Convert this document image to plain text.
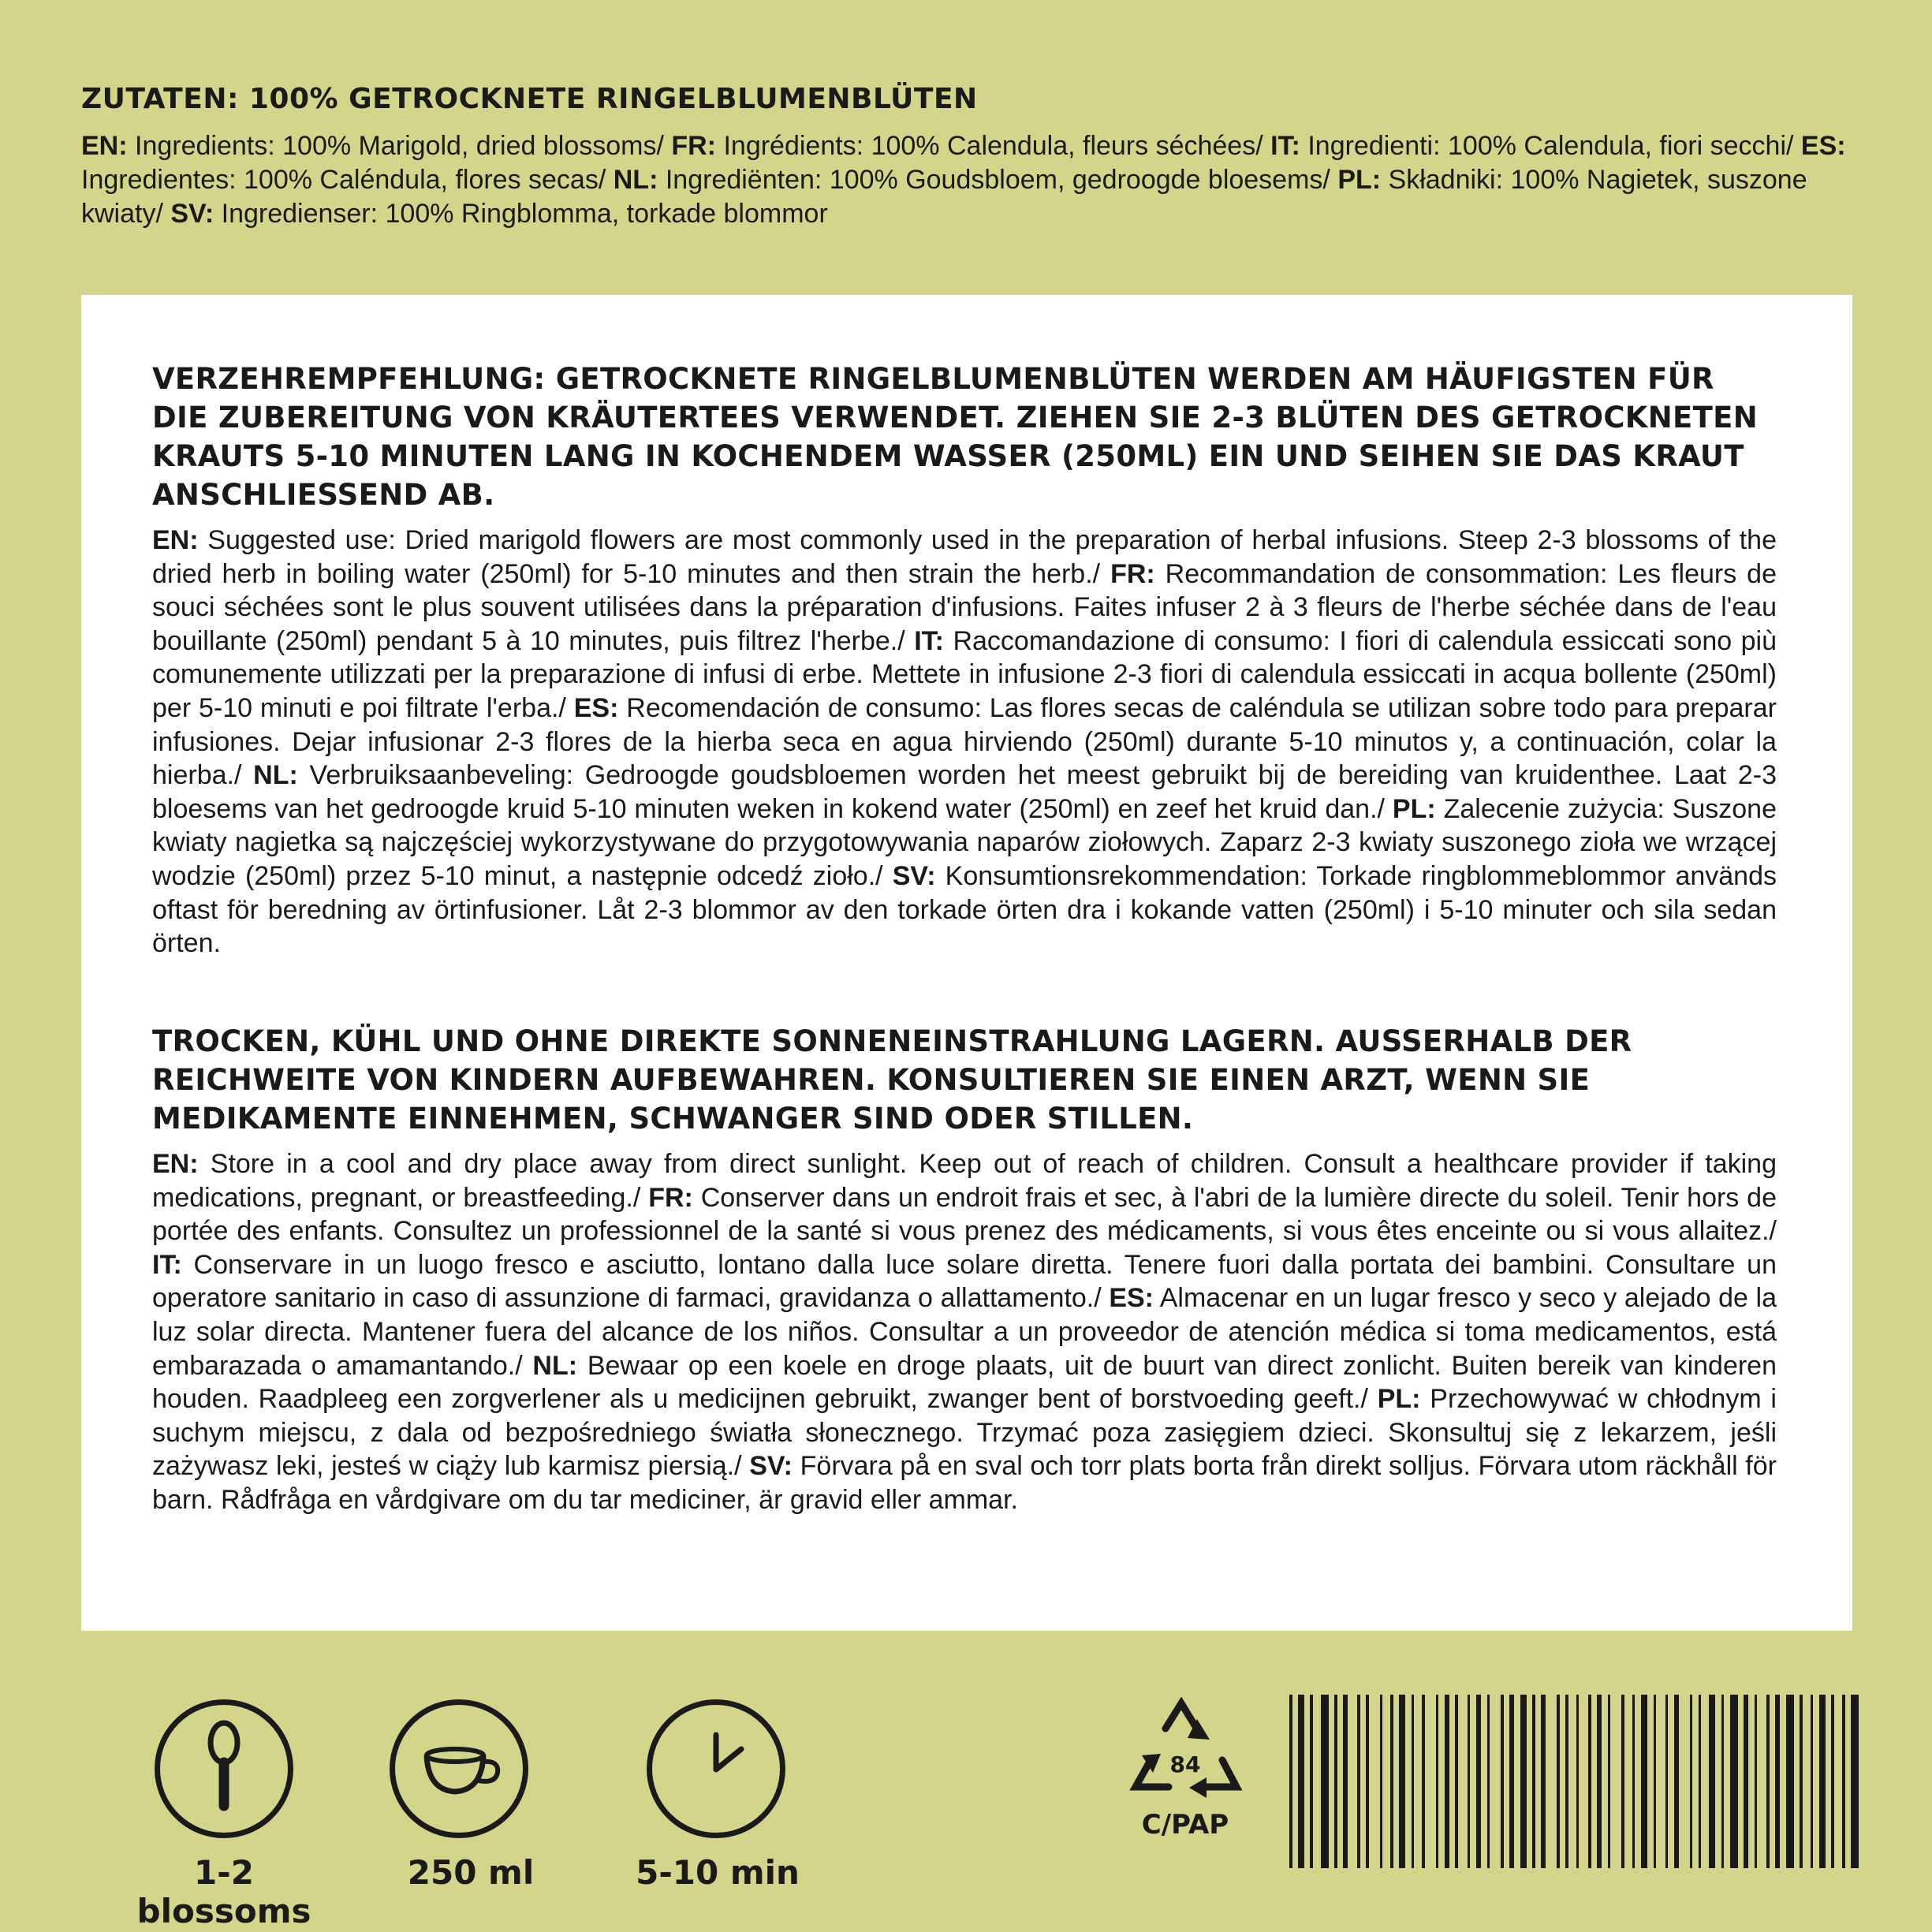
ZUTATEN: 100% GETROCKNETE RINGELBLUMENBLÜTEN

EN: Ingredients: 100% Marigold, dried blossoms/ FR: Ingrédients: 100% Calendula, fleurs séchées/ IT: Ingredienti: 100% Calendula, fiori secchi/ ES: Ingredientes: 100% Caléndula, flores secas/ NL: Ingrediënten: 100% Goudsbloem, gedroogde bloesems/ PL: Składniki: 100% Nagietek, suszone kwiaty/ SV: Ingredienser: 100% Ringblomma, torkade blommor

VERZEHREMPFEHLUNG: GETROCKNETE RINGELBLUMENBLÜTEN WERDEN AM HÄUFIGSTEN FÜR DIE ZUBEREITUNG VON KRÄUTERTEES VERWENDET. ZIEHEN SIE 2-3 BLÜTEN DES GETROCKNETEN KRAUTS 5-10 MINUTEN LANG IN KOCHENDEM WASSER (250ML) EIN UND SEIHEN SIE DAS KRAUT ANSCHLIESSEND AB.

EN: Suggested use: Dried marigold flowers are most commonly used in the preparation of herbal infusions. Steep 2-3 blossoms of the dried herb in boiling water (250ml) for 5-10 minutes and then strain the herb./ FR: Recommandation de consommation: Les fleurs de souci séchées sont le plus souvent utilisées dans la préparation d'infusions. Faites infuser 2 à 3 fleurs de l'herbe séchée dans de l'eau bouillante (250ml) pendant 5 à 10 minutes, puis filtrez l'herbe./ IT: Raccomandazione di consumo: I fiori di calendula essiccati sono più comunemente utilizzati per la preparazione di infusi di erbe. Mettete in infusione 2-3 fiori di calendula essiccati in acqua bollente (250ml) per 5-10 minuti e poi filtrate l'erba./ ES: Recomendación de consumo: Las flores secas de caléndula se utilizan sobre todo para preparar infusiones. Dejar infusionar 2-3 flores de la hierba seca en agua hirviendo (250ml) durante 5-10 minutos y, a continuación, colar la hierba./ NL: Verbruiksaanbeveling: Gedroogde goudsbloemen worden het meest gebruikt bij de bereiding van kruidenthee. Laat 2-3 bloesems van het gedroogde kruid 5-10 minuten weken in kokend water (250ml) en zeef het kruid dan./ PL: Zalecenie zużycia: Suszone kwiaty nagietka są najczęściej wykorzystywane do przygotowywania naparów ziołowych. Zaparz 2-3 kwiaty suszonego zioła we wrzącej wodzie (250ml) przez 5-10 minut, a następnie odcedź zioło./ SV: Konsumtionsrekommendation: Torkade ringblommeblommor används oftast för beredning av örtinfusioner. Låt 2-3 blommor av den torkade örten dra i kokande vatten (250ml) i 5-10 minuter och sila sedan örten.

TROCKEN, KÜHL UND OHNE DIREKTE SONNENEINSTRAHLUNG LAGERN. AUSSERHALB DER REICHWEITE VON KINDERN AUFBEWAHREN. KONSULTIEREN SIE EINEN ARZT, WENN SIE MEDIKAMENTE EINNEHMEN, SCHWANGER SIND ODER STILLEN.

EN: Store in a cool and dry place away from direct sunlight. Keep out of reach of children. Consult a healthcare provider if taking medications, pregnant, or breastfeeding./ FR: Conserver dans un endroit frais et sec, à l'abri de la lumière directe du soleil. Tenir hors de portée des enfants. Consultez un professionnel de la santé si vous prenez des médicaments, si vous êtes enceinte ou si vous allaitez./ IT: Conservare in un luogo fresco e asciutto, lontano dalla luce solare diretta. Tenere fuori dalla portata dei bambini. Consultare un operatore sanitario in caso di assunzione di farmaci, gravidanza o allattamento./ ES: Almacenar en un lugar fresco y seco y alejado de la luz solar directa. Mantener fuera del alcance de los niños. Consultar a un proveedor de atención médica si toma medicamentos, está embarazada o amamantando./ NL: Bewaar op een koele en droge plaats, uit de buurt van direct zonlicht. Buiten bereik van kinderen houden. Raadpleeg een zorgverlener als u medicijnen gebruikt, zwanger bent of borstvoeding geeft./ PL: Przechowywać w chłodnym i suchym miejscu, z dala od bezpośredniego światła słonecznego. Trzymać poza zasięgiem dzieci. Skonsultuj się z lekarzem, jeśli zażywasz leki, jesteś w ciąży lub karmisz piersią./ SV: Förvara på en sval och torr plats borta från direkt solljus. Förvara utom räckhåll för barn. Rådfråga en vårdgivare om du tar mediciner, är gravid eller ammar.

1-2 blossoms
250 ml	5-10 min
84
C/PAP
